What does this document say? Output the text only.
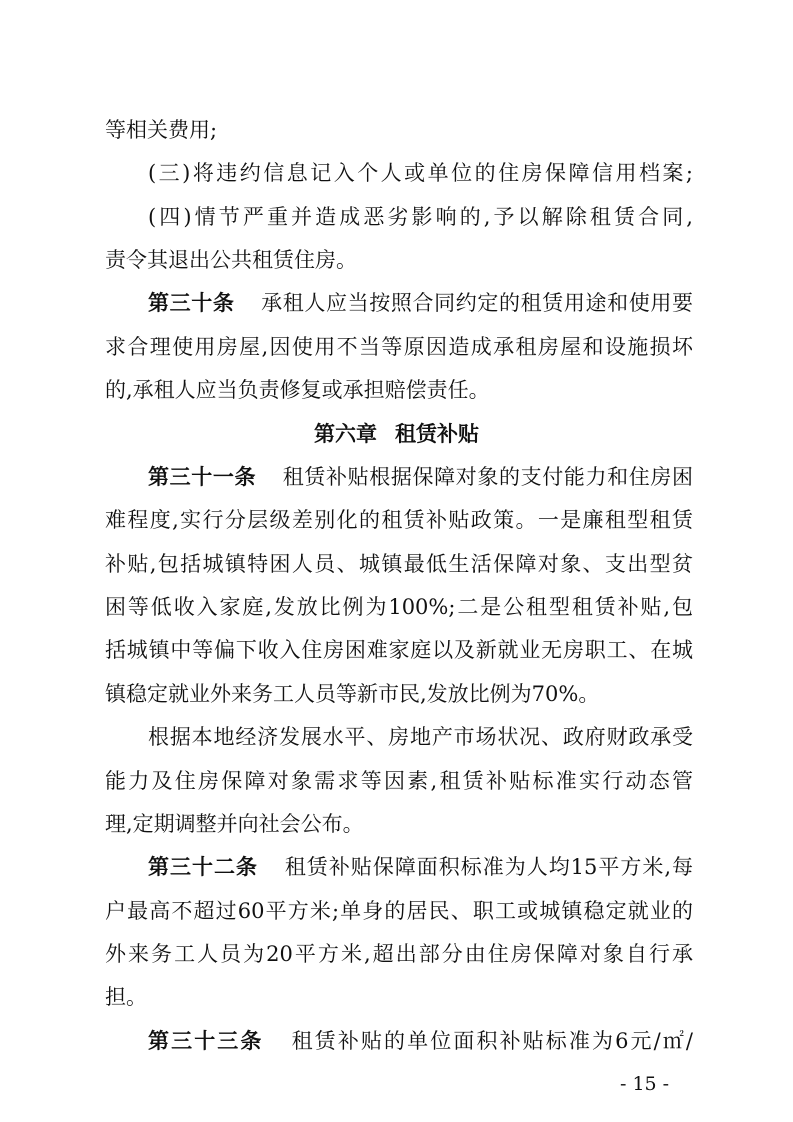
等相关费用;
(三)将违约信息记入个人或单位的住房保障信用档案;
(四)情节严重并造成恶劣影响的,予以解除租赁合同,
责令其退出公共租赁住房。
第三十条 承租人应当按照合同约定的租赁用途和使用要
求合理使用房屋,因使用不当等原因造成承租房屋和设施损坏
的,承租人应当负责修复或承担赔偿责任。
第六章 租赁补贴
第三十一条 租赁补贴根据保障对象的支付能力和住房困
难程度,实行分层级差别化的租赁补贴政策。一是廉租型租赁
补贴,包括城镇特困人员、城镇最低生活保障对象、支出型贫
困等低收入家庭,发放比例为100%;二是公租型租赁补贴,包
括城镇中等偏下收入住房困难家庭以及新就业无房职工、在城
镇稳定就业外来务工人员等新市民,发放比例为70%。
根据本地经济发展水平、房地产市场状况、政府财政承受
能力及住房保障对象需求等因素,租赁补贴标准实行动态管
理,定期调整并向社会公布。
第三十二条 租赁补贴保障面积标准为人均15平方米,每
户最高不超过60平方米;单身的居民、职工或城镇稳定就业的
外来务工人员为20平方米,超出部分由住房保障对象自行承
担。
第三十三条 租赁补贴的单位面积补贴标准为6元/㎡/
- 15 -
